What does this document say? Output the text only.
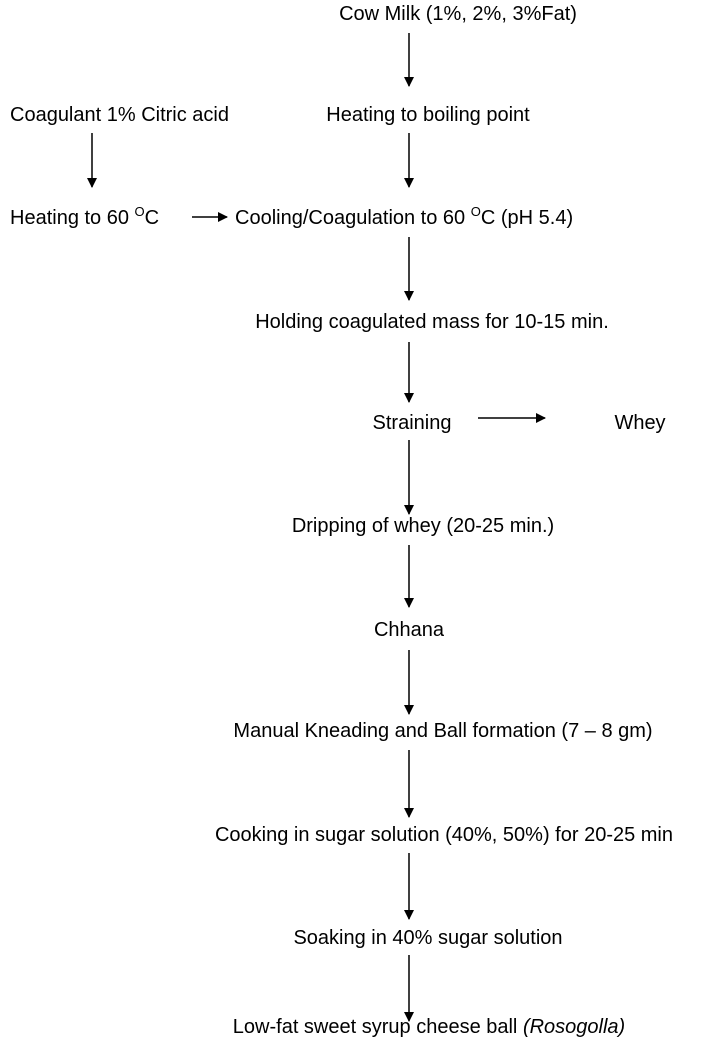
Cow Milk (1%, 2%, 3%Fat)
Heating to boiling point
Coagulant 1% Citric acid
Heating to 60 $^O$C	Cooling/Coagulation to 60 $^O$C (pH 5.4)
Holding coagulated mass for 10-15 min.
Straining	Whey
Dripping of whey (20-25 min.)
Chhana
Manual Kneading and Ball formation (7 – 8 gm)
Cooking in sugar solution (40%, 50%) for 20-25 min
Soaking in 40% sugar solution
Low-fat sweet syrup cheese ball (Rosogolla)
